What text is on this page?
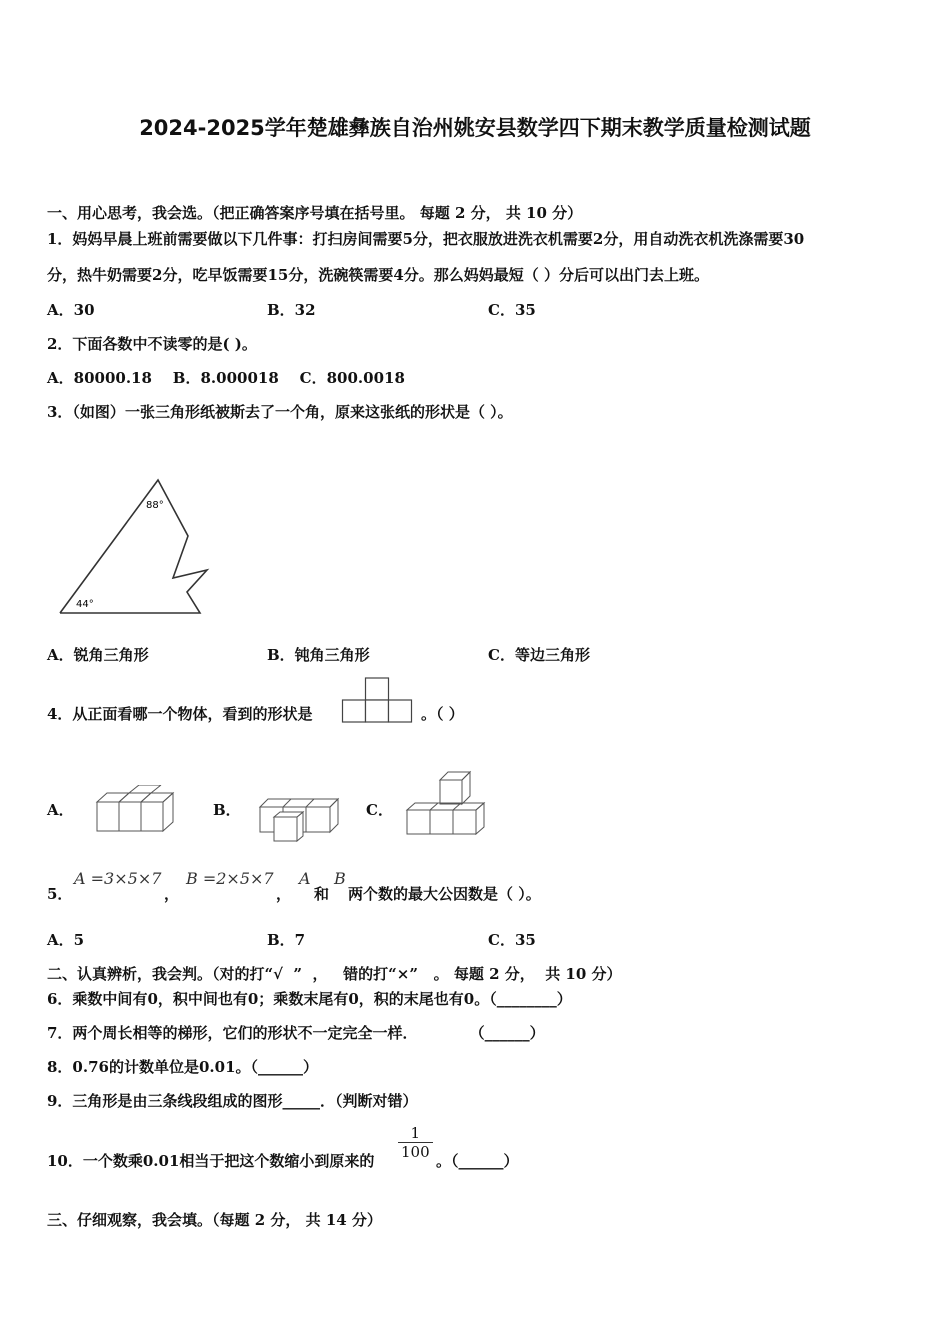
2024-2025学年楚雄彝族自治州姚安县数学四下期末教学质量检测试题
一、用心思考，我会选。（把正确答案序号填在括号里。 每题 2 分， 共 10 分）
1．妈妈早晨上班前需要做以下几件事：打扫房间需要5分，把衣服放进洗衣机需要2分，用自动洗衣机洗涤需要30
分，热牛奶需要2分，吃早饭需要15分，洗碗筷需要4分。那么妈妈最短（ ）分后可以出门去上班。
A．30	B．32	C．35
2．下面各数中不读零的是( )。
A．80000.18    B．8.000018    C．800.0018
3．（如图）一张三角形纸被斯去了一个角，原来这张纸的形状是（ ）。
88°
44°
A．锐角三角形	B．钝角三角形	C．等边三角形
4．从正面看哪一个物体，看到的形状是	。（ ）
A．	B．	C．
5．
A =3×5×7
，
B =2×5×7
，
A
和
B
两个数的最大公因数是（ ）。
A．5	B．7	C．35
二、认真辨析，我会判。（对的打“√  ”  ，   错的打“×”   。 每题 2 分，  共 10 分）
6．乘数中间有0，积中间也有0；乘数末尾有0，积的末尾也有0。（________）
7．两个周长相等的梯形，它们的形状不一定完全一样．          （______）
8．0.76的计数单位是0.01。（______）
9．三角形是由三条线段组成的图形_____．（判断对错）
10．一个数乘0.01相当于把这个数缩小到原来的 $\frac{1}{100}$ 。（______）
三、仔细观察，我会填。（每题 2 分， 共 14 分）
